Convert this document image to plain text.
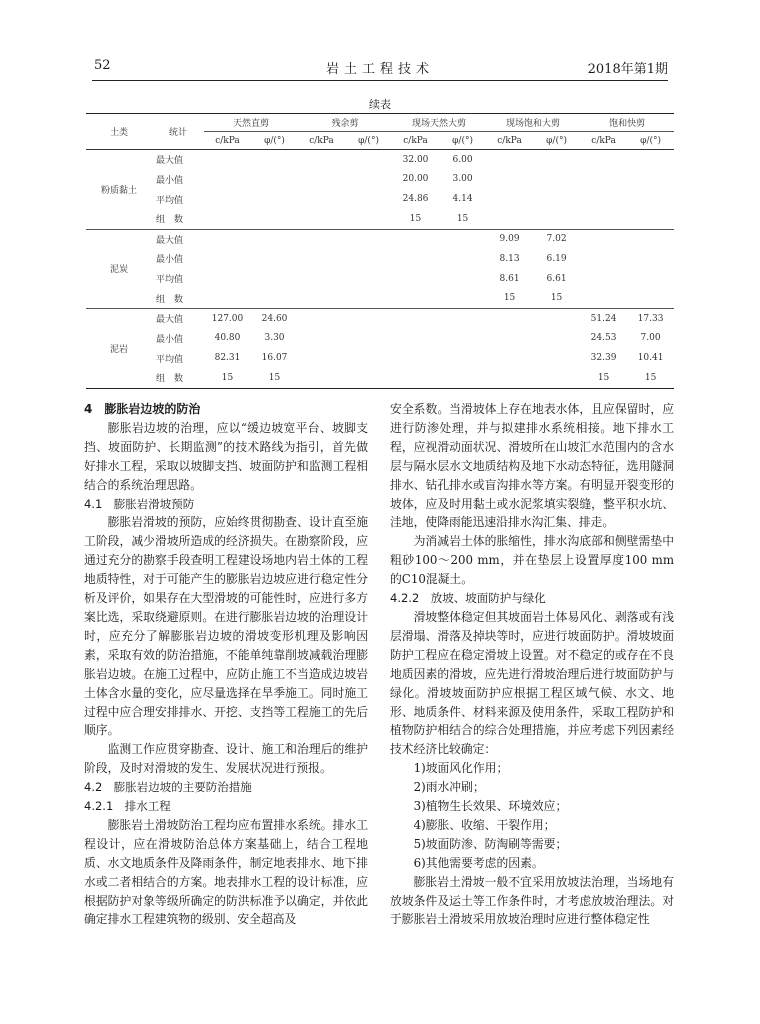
52	岩土工程技术	2018年第1期
续表
土类	统计	天然直剪		残余剪		现场天然大剪		现场饱和大剪		饱和快剪	
		c/kPa	φ/(°)	c/kPa	φ/(°)	c/kPa	φ/(°)	c/kPa	φ/(°)	c/kPa	φ/(°)
粉质黏土	最大值					32.00	6.00				
	最小值					20.00	3.00				
	平均值					24.86	4.14				
	组　数					15	15				
泥炭	最大值							9.09	7.02		
	最小值							8.13	6.19		
	平均值							8.61	6.61		
	组　数							15	15		
泥岩	最大值	127.00	24.60							51.24	17.33
	最小值	40.80	3.30							24.53	7.00
	平均值	82.31	16.07							32.39	10.41
	组　数	15	15							15	15

4　膨胀岩边坡的防治

膨胀岩边坡的治理，应以“缓边坡宽平台、坡脚支挡、坡面防护、长期监测”的技术路线为指引，首先做好排水工程，采取以坡脚支挡、坡面防护和监测工程相结合的系统治理思路。

4.1　膨胀岩滑坡预防

膨胀岩滑坡的预防，应始终贯彻勘查、设计直至施工阶段，减少滑坡所造成的经济损失。在勘察阶段，应通过充分的勘察手段查明工程建设场地内岩土体的工程地质特性，对于可能产生的膨胀岩边坡应进行稳定性分析及评价，如果存在大型滑坡的可能性时，应进行多方案比选，采取绕避原则。在进行膨胀岩边坡的治理设计时，应充分了解膨胀岩边坡的滑坡变形机理及影响因素，采取有效的防治措施，不能单纯靠削坡减载治理膨胀岩边坡。在施工过程中，应防止施工不当造成边坡岩土体含水量的变化，应尽量选择在旱季施工。同时施工过程中应合理安排排水、开挖、支挡等工程施工的先后顺序。

监测工作应贯穿勘查、设计、施工和治理后的维护阶段，及时对滑坡的发生、发展状况进行预报。

4.2　膨胀岩边坡的主要防治措施

4.2.1　排水工程

膨胀岩土滑坡防治工程均应布置排水系统。排水工程设计，应在滑坡防治总体方案基础上，结合工程地质、水文地质条件及降雨条件，制定地表排水、地下排水或二者相结合的方案。地表排水工程的设计标准，应根据防护对象等级所确定的防洪标准予以确定，并依此确定排水工程建筑物的级别、安全超高及

安全系数。当滑坡体上存在地表水体，且应保留时，应进行防渗处理，并与拟建排水系统相接。地下排水工程，应视滑动面状况、滑坡所在山坡汇水范围内的含水层与隔水层水文地质结构及地下水动态特征，选用隧洞排水、钻孔排水或盲沟排水等方案。有明显开裂变形的坡体，应及时用黏土或水泥浆填实裂缝，整平积水坑、洼地，使降雨能迅速沿排水沟汇集、排走。

为消减岩土体的胀缩性，排水沟底部和侧壁需垫中粗砂100～200 mm，并在垫层上设置厚度100 mm的C10混凝土。

4.2.2　放坡、坡面防护与绿化

滑坡整体稳定但其坡面岩土体易风化、剥落或有浅层滑塌、滑落及掉块等时，应进行坡面防护。滑坡坡面防护工程应在稳定滑坡上设置。对不稳定的或存在不良地质因素的滑坡，应先进行滑坡治理后进行坡面防护与绿化。滑坡坡面防护应根据工程区域气候、水文、地形、地质条件、材料来源及使用条件，采取工程防护和植物防护相结合的综合处理措施，并应考虑下列因素经技术经济比较确定：

1)坡面风化作用；

2)雨水冲刷；

3)植物生长效果、环境效应；

4)膨胀、收缩、干裂作用；

5)坡面防渗、防淘刷等需要；

6)其他需要考虑的因素。

膨胀岩土滑坡一般不宜采用放坡法治理，当场地有放坡条件及运土等工作条件时，才考虑放坡治理法。对于膨胀岩土滑坡采用放坡治理时应进行整体稳定性
